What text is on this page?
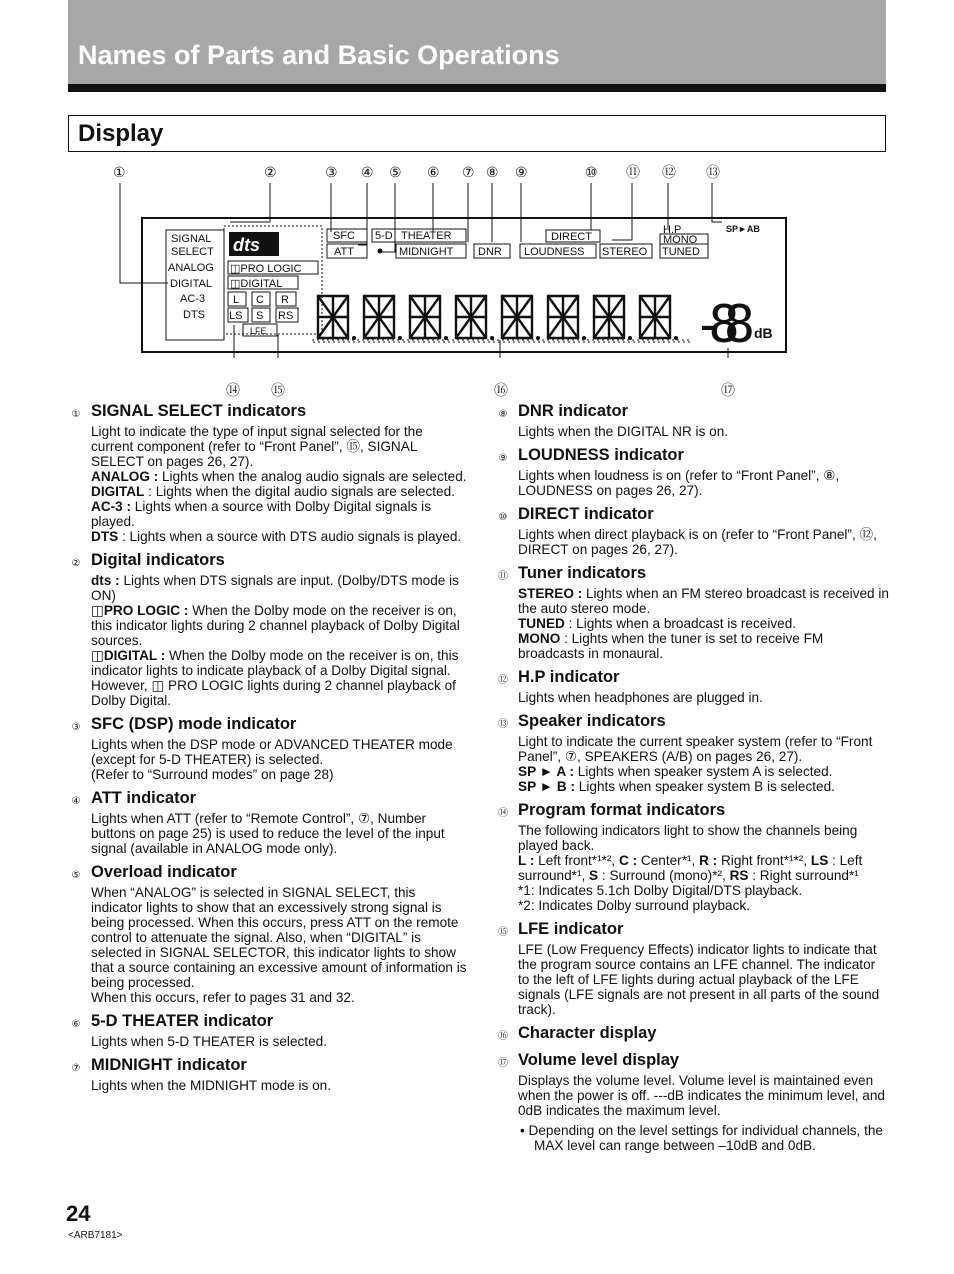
Names of Parts and Basic Operations
Display
①	②	③ ④ ⑤ ⑥ ⑦ ⑧ ⑨	⑩ ⑪ ⑫ ⑬
SIGNAL
SELECT
ANALOG
DIGITAL
AC-3
DTS
dts
◫PRO LOGIC
◫DIGITAL
L C R
LS S RS
LFE
SFC
ATT
5-D THEATER
MIDNIGHT DNR
DIRECT
LOUDNESS STEREO
H.P
MONO
TUNED
SP►AB
-88 dB
⑭ ⑮	⑯	⑰
① SIGNAL SELECT indicators

Light to indicate the type of input signal selected for the current component (refer to “Front Panel”, ⑮, SIGNAL SELECT on pages 26, 27).

ANALOG : Lights when the analog audio signals are selected.

DIGITAL : Lights when the digital audio signals are selected.

AC-3 : Lights when a source with Dolby Digital signals is played.

DTS : Lights when a source with DTS audio signals is played.

② Digital indicators

dts : Lights when DTS signals are input. (Dolby/DTS mode is ON)

◫PRO LOGIC : When the Dolby mode on the receiver is on, this indicator lights during 2 channel playback of Dolby Digital sources.

◫DIGITAL : When the Dolby mode on the receiver is on, this indicator lights to indicate playback of a Dolby Digital signal. However, ◫ PRO LOGIC lights during 2 channel playback of Dolby Digital.

③ SFC (DSP) mode indicator

Lights when the DSP mode or ADVANCED THEATER mode (except for 5-D THEATER) is selected.

(Refer to “Surround modes” on page 28)

④ ATT indicator

Lights when ATT (refer to “Remote Control”, ⑦, Number buttons on page 25) is used to reduce the level of the input signal (available in ANALOG mode only).

⑤ Overload indicator

When “ANALOG” is selected in SIGNAL SELECT, this indicator lights to show that an excessively strong signal is being processed. When this occurs, press ATT on the remote control to attenuate the signal. Also, when “DIGITAL” is selected in SIGNAL SELECTOR, this indicator lights to show that a source containing an excessive amount of information is being processed.

When this occurs, refer to pages 31 and 32.

⑥ 5-D THEATER indicator

Lights when 5-D THEATER is selected.

⑦ MIDNIGHT indicator

Lights when the MIDNIGHT mode is on.

⑧ DNR indicator

Lights when the DIGITAL NR is on.

⑨ LOUDNESS indicator

Lights when loudness is on (refer to “Front Panel”, ⑧, LOUDNESS on pages 26, 27).

⑩ DIRECT indicator

Lights when direct playback is on (refer to “Front Panel”, ⑫, DIRECT on pages 26, 27).

⑪ Tuner indicators

STEREO : Lights when an FM stereo broadcast is received in the auto stereo mode.

TUNED : Lights when a broadcast is received.

MONO : Lights when the tuner is set to receive FM broadcasts in monaural.

⑫ H.P indicator

Lights when headphones are plugged in.

⑬ Speaker indicators

Light to indicate the current speaker system (refer to “Front Panel”, ⑦, SPEAKERS (A/B) on pages 26, 27).

SP ► A : Lights when speaker system A is selected.

SP ► B : Lights when speaker system B is selected.

⑭ Program format indicators

The following indicators light to show the channels being played back.

L : Left front*¹*², C : Center*¹, R : Right front*¹*², LS : Left surround*¹, S : Surround (mono)*², RS : Right surround*¹

*1: Indicates 5.1ch Dolby Digital/DTS playback.

*2: Indicates Dolby surround playback.

⑮ LFE indicator

LFE (Low Frequency Effects) indicator lights to indicate that the program source contains an LFE channel. The indicator to the left of LFE lights during actual playback of the LFE signals (LFE signals are not present in all parts of the sound track).

⑯ Character display
⑰ Volume level display

Displays the volume level. Volume level is maintained even when the power is off. ---dB indicates the minimum level, and 0dB indicates the maximum level.

• Depending on the level settings for individual channels, the MAX level can range between –10dB and 0dB.

24
<ARB7181>
